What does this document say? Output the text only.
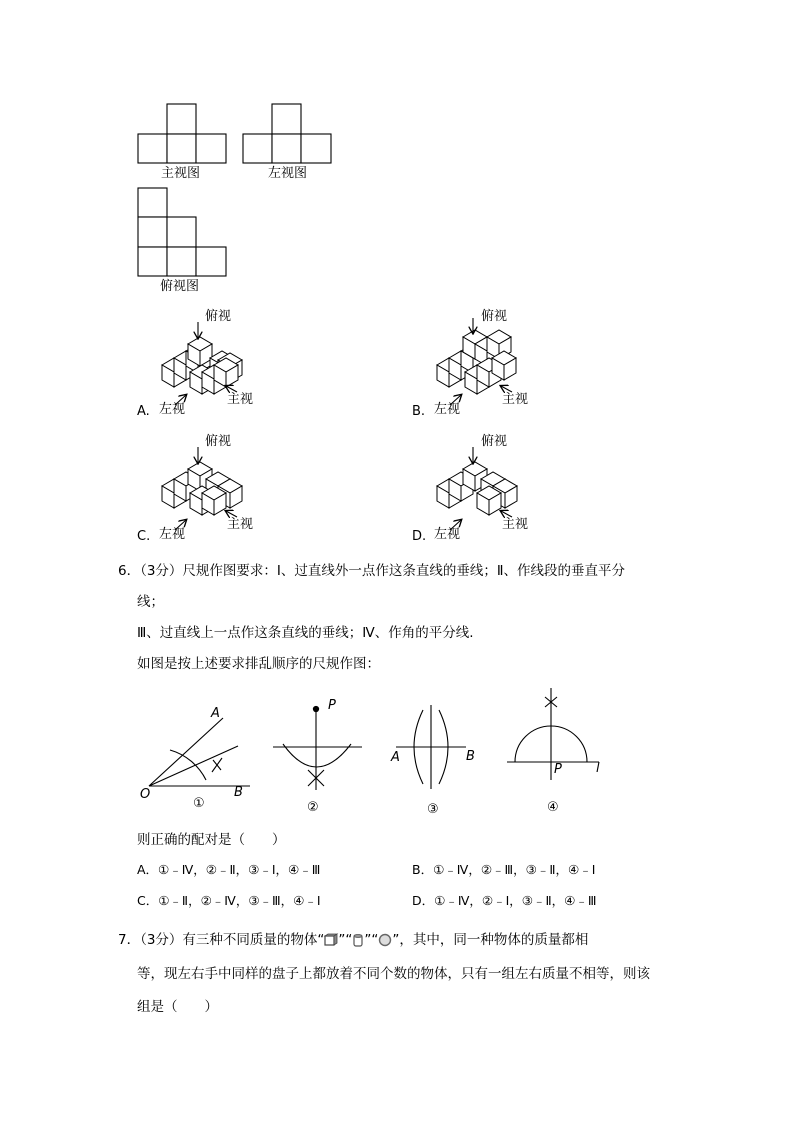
主视图	左视图
俯视图
俯视
A. 左视
主视
俯视
B. 左视
主视
俯视
C. 左视
主视
俯视
D. 左视
主视
6．（3分）尺规作图要求：Ⅰ、过直线外一点作这条直线的垂线；Ⅱ、作线段的垂直平分
线；
Ⅲ、过直线上一点作这条直线的垂线；Ⅳ、作角的平分线.
如图是按上述要求排乱顺序的尺规作图：
A
O	B
①
P
②
A	B
③
P	l
④
则正确的配对是（　　）
A．①﹣Ⅳ，②﹣Ⅱ，③﹣Ⅰ，④﹣Ⅲ	B．①﹣Ⅳ，②﹣Ⅲ，③﹣Ⅱ，④﹣Ⅰ
C．①﹣Ⅱ，②﹣Ⅳ，③﹣Ⅲ，④﹣Ⅰ	D．①﹣Ⅳ，②﹣Ⅰ，③﹣Ⅱ，④﹣Ⅲ
7．（3分）有三种不同质量的物体“ ”“ ”“ ”，其中，同一种物体的质量都相
等，现左右手中同样的盘子上都放着不同个数的物体，只有一组左右质量不相等，则该
组是（　　）
